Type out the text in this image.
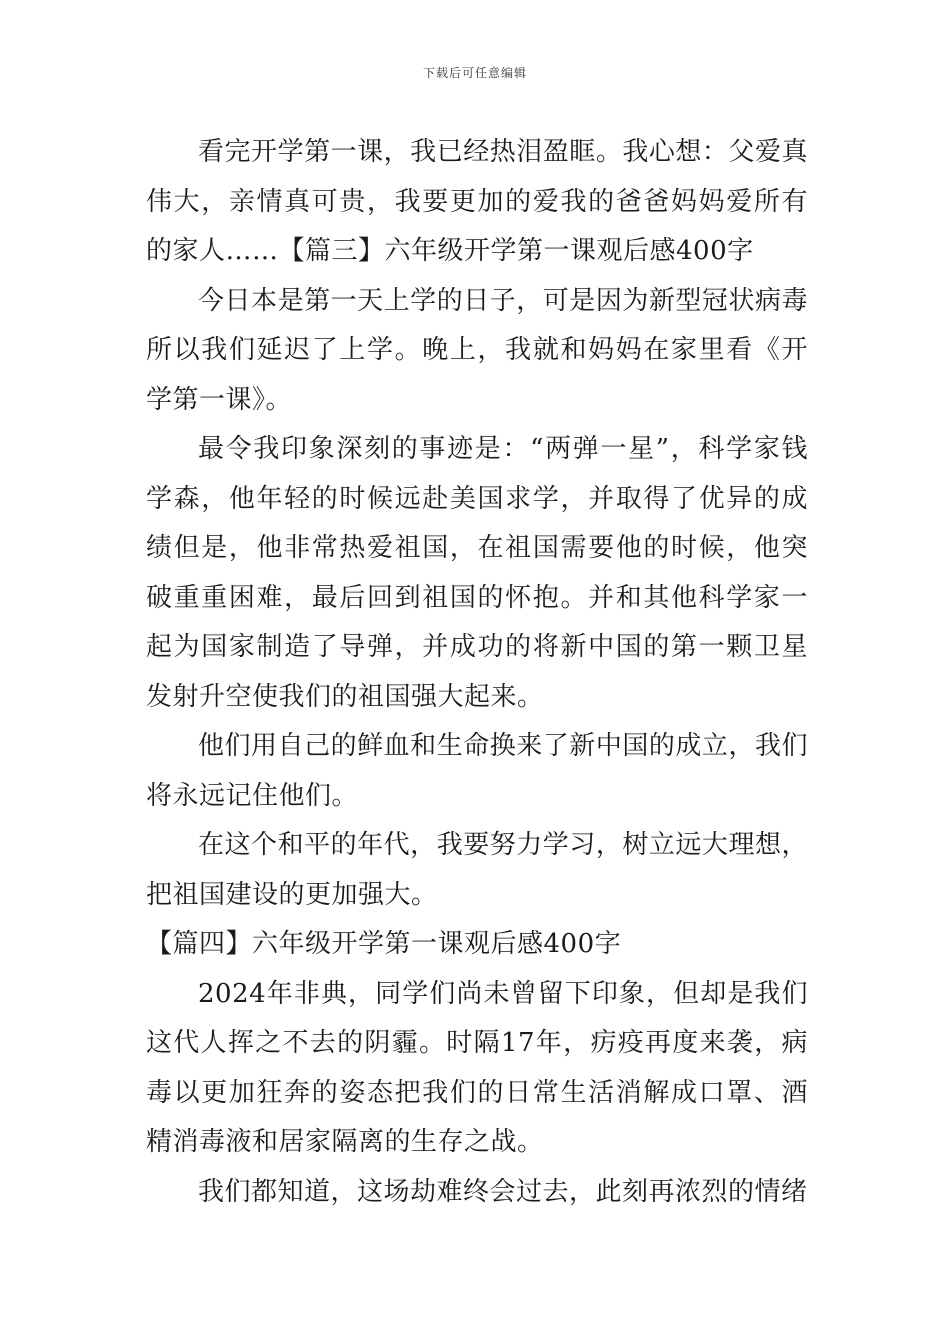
下载后可任意编辑

看完开学第一课，我已经热泪盈眶。我心想：父爱真伟大，亲情真可贵，我要更加的爱我的爸爸妈妈爱所有的家人……【篇三】六年级开学第一课观后感400字

今日本是第一天上学的日子，可是因为新型冠状病毒所以我们延迟了上学。晚上，我就和妈妈在家里看《开学第一课》。

最令我印象深刻的事迹是：“两弹一星”，科学家钱学森，他年轻的时候远赴美国求学，并取得了优异的成绩但是，他非常热爱祖国，在祖国需要他的时候，他突破重重困难，最后回到祖国的怀抱。并和其他科学家一起为国家制造了导弹，并成功的将新中国的第一颗卫星发射升空使我们的祖国强大起来。

他们用自己的鲜血和生命换来了新中国的成立，我们将永远记住他们。

在这个和平的年代，我要努力学习，树立远大理想，把祖国建设的更加强大。

【篇四】六年级开学第一课观后感400字

2024年非典，同学们尚未曾留下印象，但却是我们这代人挥之不去的阴霾。时隔17年，疠疫再度来袭，病毒以更加狂奔的姿态把我们的日常生活消解成口罩、酒精消毒液和居家隔离的生存之战。

我们都知道，这场劫难终会过去，此刻再浓烈的情绪
